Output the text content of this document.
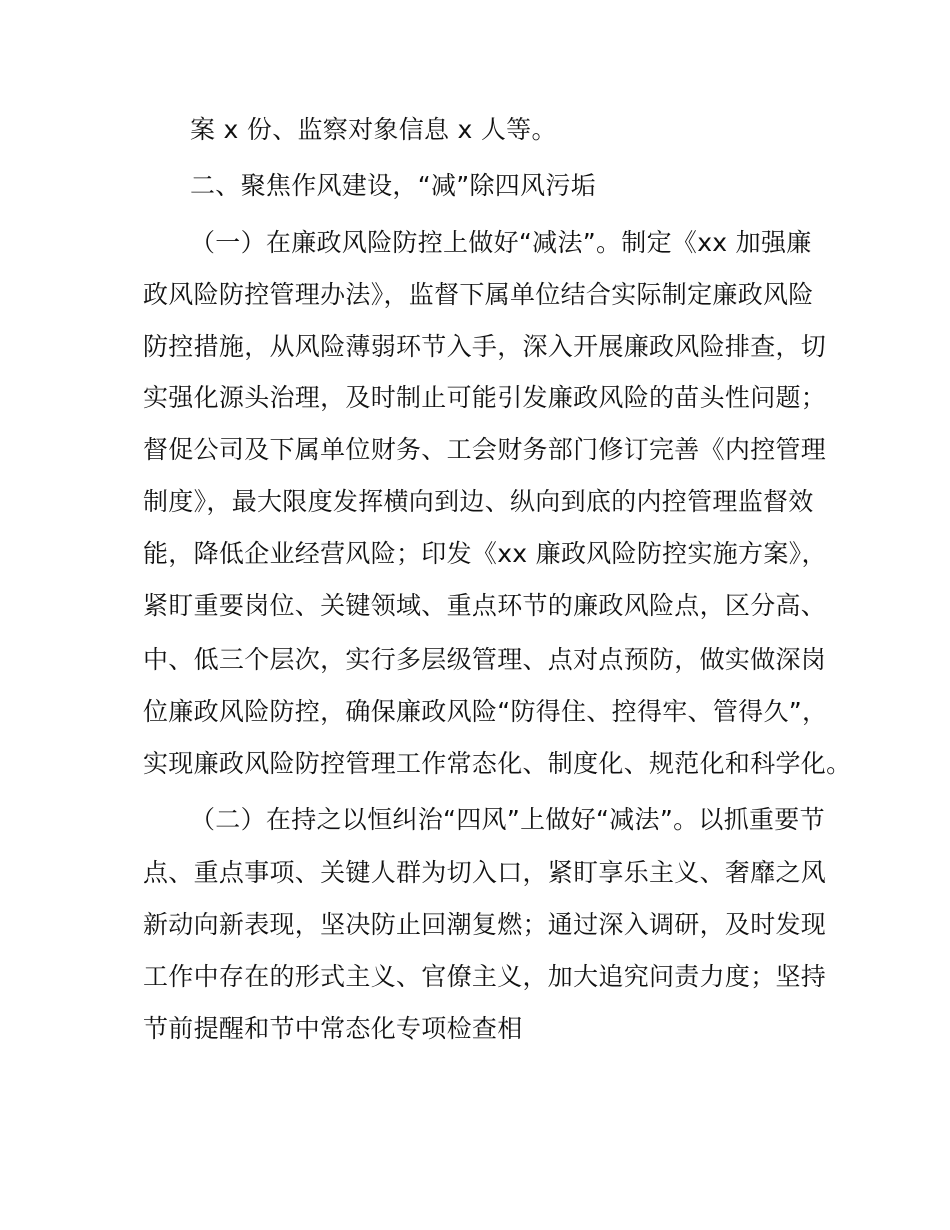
案 x 份、监察对象信息 x 人等。
二、聚焦作风建设，“减”除四风污垢
（一）在廉政风险防控上做好“减法”。制定《xx 加强廉
政风险防控管理办法》，监督下属单位结合实际制定廉政风险
防控措施，从风险薄弱环节入手，深入开展廉政风险排查，切
实强化源头治理，及时制止可能引发廉政风险的苗头性问题；
督促公司及下属单位财务、工会财务部门修订完善《内控管理
制度》，最大限度发挥横向到边、纵向到底的内控管理监督效
能，降低企业经营风险；印发《xx 廉政风险防控实施方案》，
紧盯重要岗位、关键领域、重点环节的廉政风险点，区分高、
中、低三个层次，实行多层级管理、点对点预防，做实做深岗
位廉政风险防控，确保廉政风险“防得住、控得牢、管得久”，
实现廉政风险防控管理工作常态化、制度化、规范化和科学化。
（二）在持之以恒纠治“四风”上做好“减法”。以抓重要节
点、重点事项、关键人群为切入口，紧盯享乐主义、奢靡之风
新动向新表现，坚决防止回潮复燃；通过深入调研，及时发现
工作中存在的形式主义、官僚主义，加大追究问责力度；坚持
节前提醒和节中常态化专项检查相
